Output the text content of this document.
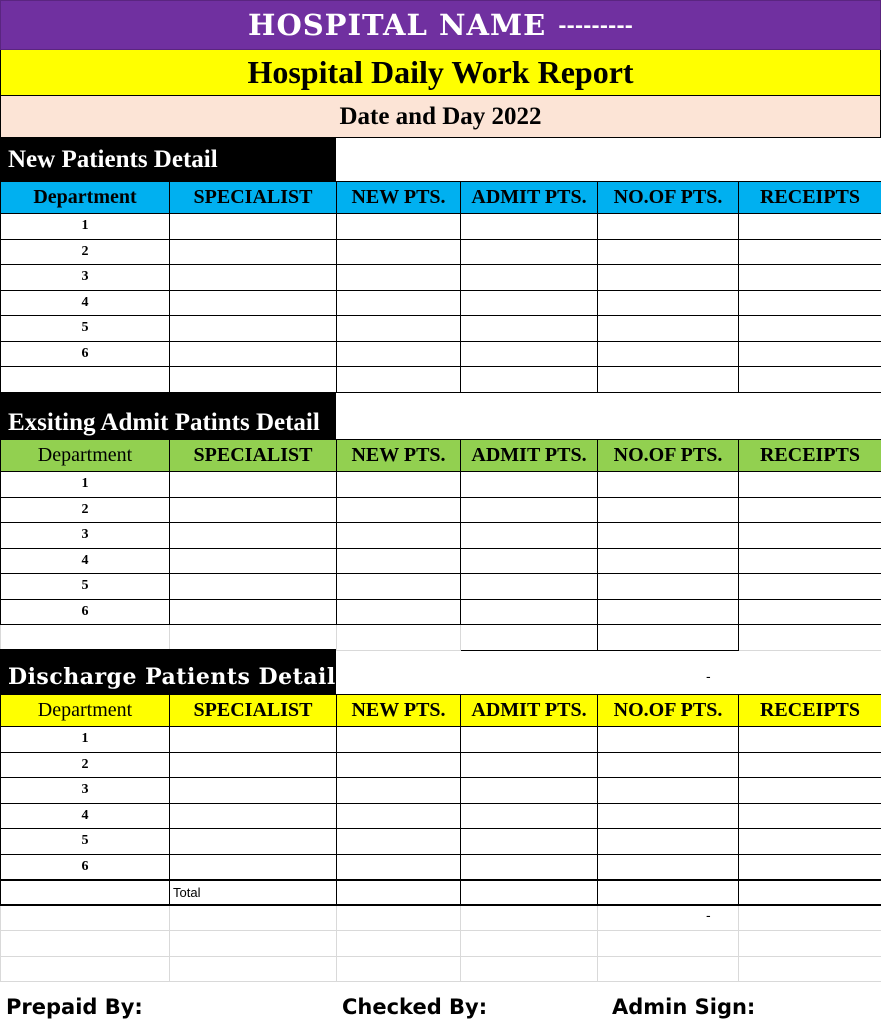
HOSPITAL NAME ---------
Hospital Daily Work Report
Date and Day 2022
New Patients Detail
Department	SPECIALIST	NEW PTS.	ADMIT PTS.	NO.OF PTS.	RECEIPTS
1					
2					
3					
4					
5					
6					

Exsiting Admit Patints Detail
Department	SPECIALIST	NEW PTS.	ADMIT PTS.	NO.OF PTS.	RECEIPTS
1					
2					
3					
4					
5					
6					

-
Discharge Patients Detail
Department	SPECIALIST	NEW PTS.	ADMIT PTS.	NO.OF PTS.	RECEIPTS
1					
2					
3					
4					
5					
6					
	Total				

-
Prepaid By:	Checked By:	Admin Sign:
